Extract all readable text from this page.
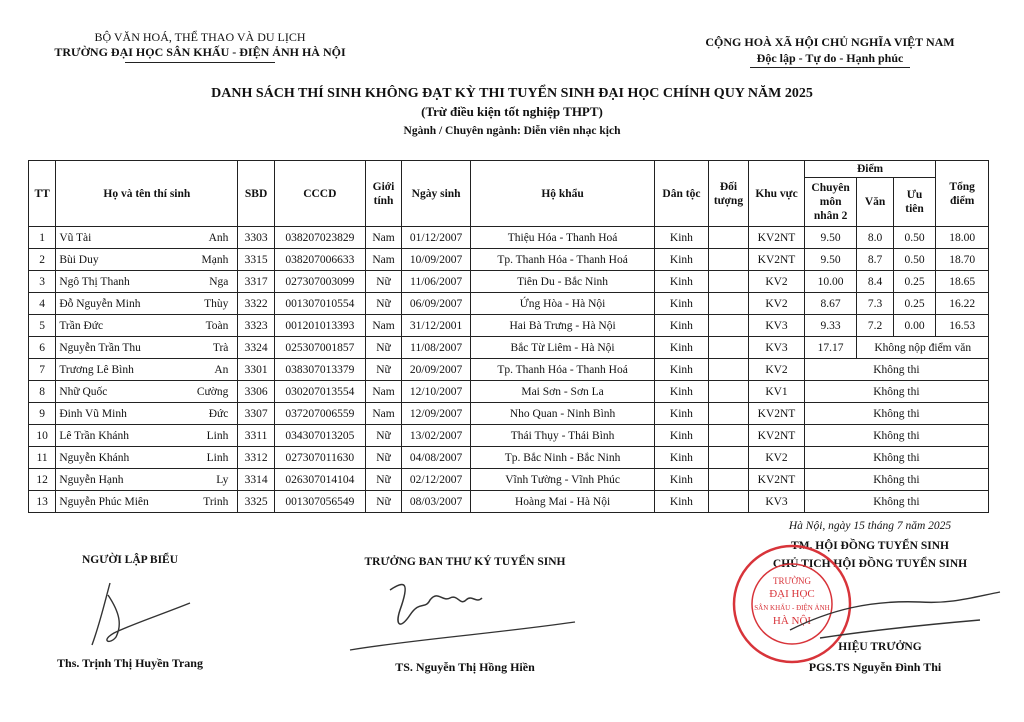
BỘ VĂN HOÁ, THỂ THAO VÀ DU LỊCH
TRƯỜNG ĐẠI HỌC SÂN KHẤU - ĐIỆN ẢNH HÀ NỘI
CỘNG HOÀ XÃ HỘI CHỦ NGHĨA VIỆT NAM
Độc lập - Tự do - Hạnh phúc
DANH SÁCH THÍ SINH KHÔNG ĐẠT KỲ THI TUYỂN SINH ĐẠI HỌC CHÍNH QUY NĂM 2025
(Trừ điều kiện tốt nghiệp THPT)
Ngành / Chuyên ngành: Diễn viên nhạc kịch
TT	Họ và tên thí sinh	SBD	CCCD	Giới tính	Ngày sinh	Hộ khẩu	Dân tộc	Đối tượng	Khu vực	Điểm			Tổng điểm
										Chuyên môn nhân 2	Văn	Ưu tiên	
1	Vũ Tài Anh	3303	038207023829	Nam	01/12/2007	Thiệu Hóa - Thanh Hoá	Kinh		KV2NT	9.50	8.0	0.50	18.00
2	Bùi Duy Mạnh	3315	038207006633	Nam	10/09/2007	Tp. Thanh Hóa - Thanh Hoá	Kinh		KV2NT	9.50	8.7	0.50	18.70
3	Ngô Thị Thanh Nga	3317	027307003099	Nữ	11/06/2007	Tiên Du - Bắc Ninh	Kinh		KV2	10.00	8.4	0.25	18.65
4	Đỗ Nguyễn Minh Thùy	3322	001307010554	Nữ	06/09/2007	Ứng Hòa - Hà Nội	Kinh		KV2	8.67	7.3	0.25	16.22
5	Trần Đức Toàn	3323	001201013393	Nam	31/12/2001	Hai Bà Trưng - Hà Nội	Kinh		KV3	9.33	7.2	0.00	16.53
6	Nguyễn Trần Thu Trà	3324	025307001857	Nữ	11/08/2007	Bắc Từ Liêm - Hà Nội	Kinh		KV3	17.17	Không nộp điểm văn		
7	Trương Lê Bình An	3301	038307013379	Nữ	20/09/2007	Tp. Thanh Hóa - Thanh Hoá	Kinh		KV2	Không thi			
8	Nhữ Quốc Cường	3306	030207013554	Nam	12/10/2007	Mai Sơn - Sơn La	Kinh		KV1	Không thi			
9	Đinh Vũ Minh Đức	3307	037207006559	Nam	12/09/2007	Nho Quan - Ninh Bình	Kinh		KV2NT	Không thi			
10	Lê Trần Khánh Linh	3311	034307013205	Nữ	13/02/2007	Thái Thụy - Thái Bình	Kinh		KV2NT	Không thi			
11	Nguyễn Khánh Linh	3312	027307011630	Nữ	04/08/2007	Tp. Bắc Ninh - Bắc Ninh	Kinh		KV2	Không thi			
12	Nguyễn Hạnh Ly	3314	026307014104	Nữ	02/12/2007	Vĩnh Tường - Vĩnh Phúc	Kinh		KV2NT	Không thi			
13	Nguyễn Phúc Miên Trinh	3325	001307056549	Nữ	08/03/2007	Hoàng Mai - Hà Nội	Kinh		KV3	Không thi			
Hà Nội, ngày 15 tháng 7 năm 2025
NGƯỜI LẬP BIỂU
Ths. Trịnh Thị Huyền Trang
TRƯỞNG BAN THƯ KÝ TUYỂN SINH
TS. Nguyễn Thị Hồng Hiền
TM. HỘI ĐỒNG TUYỂN SINH
CHỦ TỊCH HỘI ĐỒNG TUYỂN SINH
TRƯỜNG
ĐẠI HỌC
SÂN KHẤU - ĐIỆN ẢNH
HÀ NỘI
HIỆU TRƯỞNG
PGS.TS Nguyễn Đình Thi
